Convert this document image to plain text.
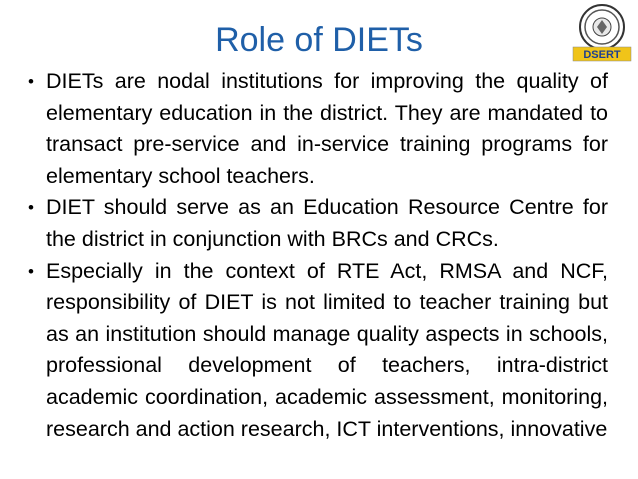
Role of DIETs	DSERT
• DIETs are nodal institutions for improving the quality of elementary education in the district. They are mandated to transact pre-service and in-service training programs for elementary school teachers.
• DIET should serve as an Education Resource Centre for the district in conjunction with BRCs and CRCs.
• Especially in the context of RTE Act, RMSA and NCF, responsibility of DIET is not limited to teacher training but as an institution should manage quality aspects in schools, professional development of teachers, intra-district academic coordination, academic assessment, monitoring, research and action research, ICT interventions, innovative
